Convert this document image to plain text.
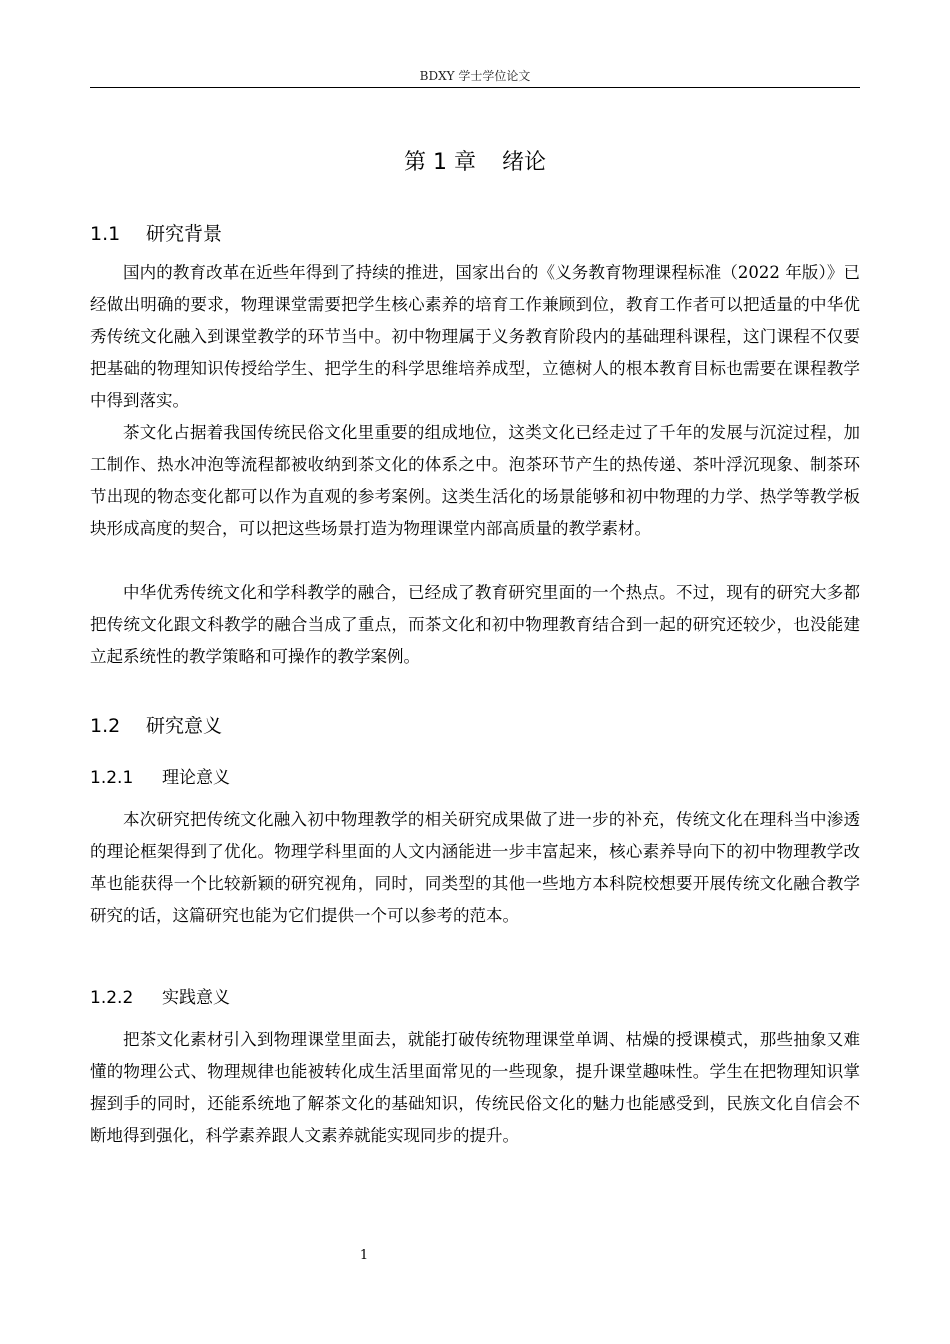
BDXY 学士学位论文
第 1 章 绪论
1.1 研究背景

国内的教育改革在近些年得到了持续的推进，国家出台的《义务教育物理课程标准（2022 年版）》已经做出明确的要求，物理课堂需要把学生核心素养的培育工作兼顾到位，教育工作者可以把适量的中华优秀传统文化融入到课堂教学的环节当中。初中物理属于义务教育阶段内的基础理科课程，这门课程不仅要把基础的物理知识传授给学生、把学生的科学思维培养成型，立德树人的根本教育目标也需要在课程教学中得到落实。

茶文化占据着我国传统民俗文化里重要的组成地位，这类文化已经走过了千年的发展与沉淀过程，加工制作、热水冲泡等流程都被收纳到茶文化的体系之中。泡茶环节产生的热传递、茶叶浮沉现象、制茶环节出现的物态变化都可以作为直观的参考案例。这类生活化的场景能够和初中物理的力学、热学等教学板块形成高度的契合，可以把这些场景打造为物理课堂内部高质量的教学素材。

中华优秀传统文化和学科教学的融合，已经成了教育研究里面的一个热点。不过，现有的研究大多都把传统文化跟文科教学的融合当成了重点，而茶文化和初中物理教育结合到一起的研究还较少，也没能建立起系统性的教学策略和可操作的教学案例。

1.2 研究意义
1.2.1 理论意义

本次研究把传统文化融入初中物理教学的相关研究成果做了进一步的补充，传统文化在理科当中渗透的理论框架得到了优化。物理学科里面的人文内涵能进一步丰富起来，核心素养导向下的初中物理教学改革也能获得一个比较新颖的研究视角，同时，同类型的其他一些地方本科院校想要开展传统文化融合教学研究的话，这篇研究也能为它们提供一个可以参考的范本。

1.2.2 实践意义

把茶文化素材引入到物理课堂里面去，就能打破传统物理课堂单调、枯燥的授课模式，那些抽象又难懂的物理公式、物理规律也能被转化成生活里面常见的一些现象，提升课堂趣味性。学生在把物理知识掌握到手的同时，还能系统地了解茶文化的基础知识，传统民俗文化的魅力也能感受到，民族文化自信会不断地得到强化，科学素养跟人文素养就能实现同步的提升。

1
